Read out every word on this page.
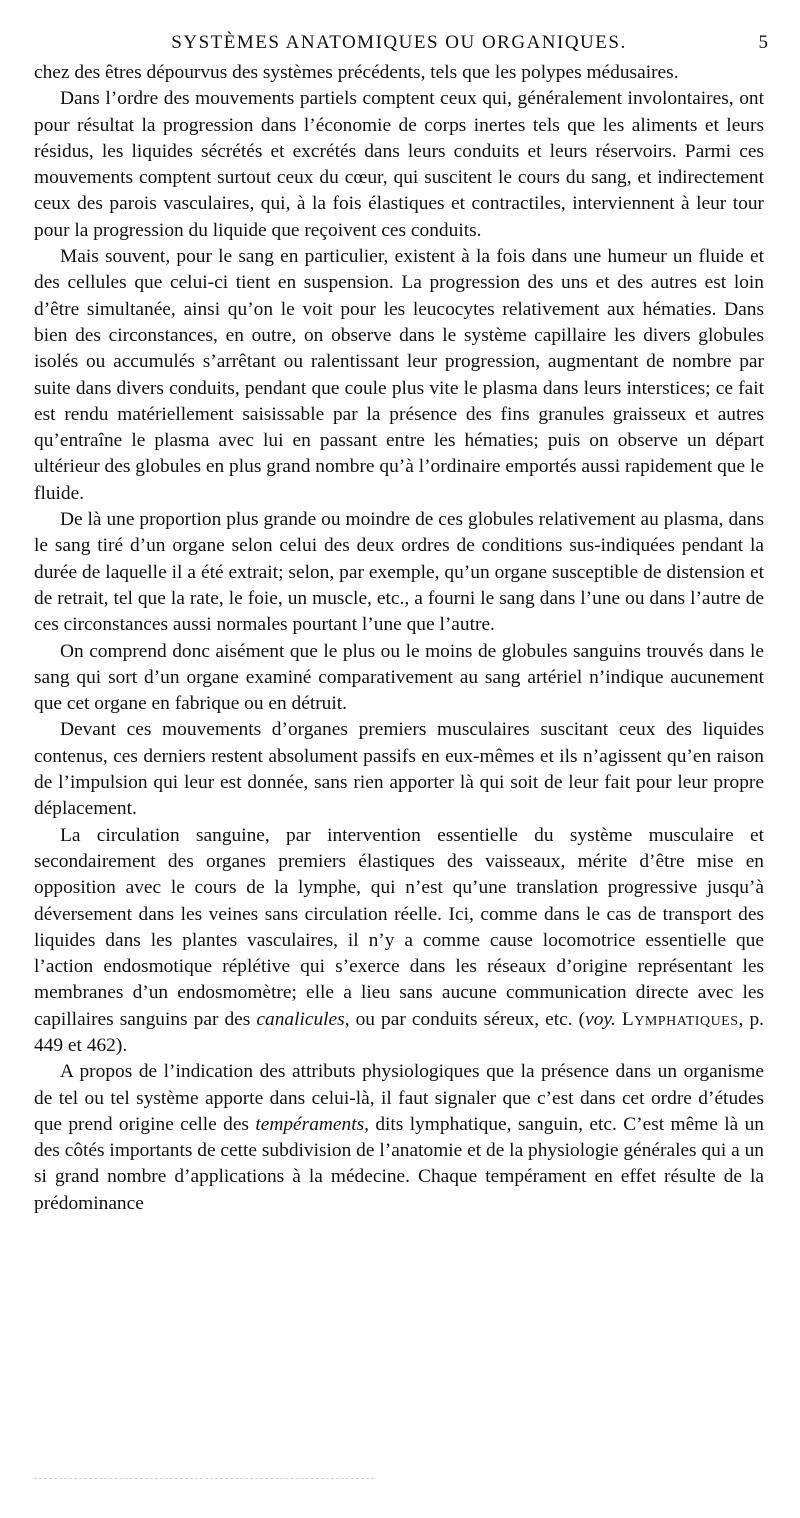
SYSTÈMES ANATOMIQUES OU ORGANIQUES.	5

chez des êtres dépourvus des systèmes précédents, tels que les polypes médusaires.

Dans l’ordre des mouvements partiels comptent ceux qui, généralement involontaires, ont pour résultat la progression dans l’économie de corps inertes tels que les aliments et leurs résidus, les liquides sécrétés et excrétés dans leurs conduits et leurs réservoirs. Parmi ces mouvements comptent surtout ceux du cœur, qui suscitent le cours du sang, et indirectement ceux des parois vasculaires, qui, à la fois élastiques et contractiles, interviennent à leur tour pour la progression du liquide que reçoivent ces conduits.

Mais souvent, pour le sang en particulier, existent à la fois dans une humeur un fluide et des cellules que celui-ci tient en suspension. La progression des uns et des autres est loin d’être simultanée, ainsi qu’on le voit pour les leucocytes relativement aux hématies. Dans bien des circonstances, en outre, on observe dans le système capillaire les divers globules isolés ou accumulés s’arrêtant ou ralentissant leur progression, augmentant de nombre par suite dans divers conduits, pendant que coule plus vite le plasma dans leurs interstices; ce fait est rendu matériellement saisissable par la présence des fins granules graisseux et autres qu’entraîne le plasma avec lui en passant entre les hématies; puis on observe un départ ultérieur des globules en plus grand nombre qu’à l’ordinaire emportés aussi rapidement que le fluide.

De là une proportion plus grande ou moindre de ces globules relativement au plasma, dans le sang tiré d’un organe selon celui des deux ordres de conditions sus-indiquées pendant la durée de laquelle il a été extrait; selon, par exemple, qu’un organe susceptible de distension et de retrait, tel que la rate, le foie, un muscle, etc., a fourni le sang dans l’une ou dans l’autre de ces circonstances aussi normales pourtant l’une que l’autre.

On comprend donc aisément que le plus ou le moins de globules sanguins trouvés dans le sang qui sort d’un organe examiné comparativement au sang artériel n’indique aucunement que cet organe en fabrique ou en détruit.

Devant ces mouvements d’organes premiers musculaires suscitant ceux des liquides contenus, ces derniers restent absolument passifs en eux-mêmes et ils n’agissent qu’en raison de l’impulsion qui leur est donnée, sans rien apporter là qui soit de leur fait pour leur propre déplacement.

La circulation sanguine, par intervention essentielle du système musculaire et secondairement des organes premiers élastiques des vaisseaux, mérite d’être mise en opposition avec le cours de la lymphe, qui n’est qu’une translation progressive jusqu’à déversement dans les veines sans circulation réelle. Ici, comme dans le cas de transport des liquides dans les plantes vasculaires, il n’y a comme cause locomotrice essentielle que l’action endosmotique réplétive qui s’exerce dans les réseaux d’origine représentant les membranes d’un endosmomètre; elle a lieu sans aucune communication directe avec les capillaires sanguins par des canalicules, ou par conduits séreux, etc. (voy. Lymphatiques, p. 449 et 462).

A propos de l’indication des attributs physiologiques que la présence dans un organisme de tel ou tel système apporte dans celui-là, il faut signaler que c’est dans cet ordre d’études que prend origine celle des tempéraments, dits lymphatique, sanguin, etc. C’est même là un des côtés importants de cette subdivision de l’anatomie et de la physiologie générales qui a un si grand nombre d’applications à la médecine. Chaque tempérament en effet résulte de la prédominance
